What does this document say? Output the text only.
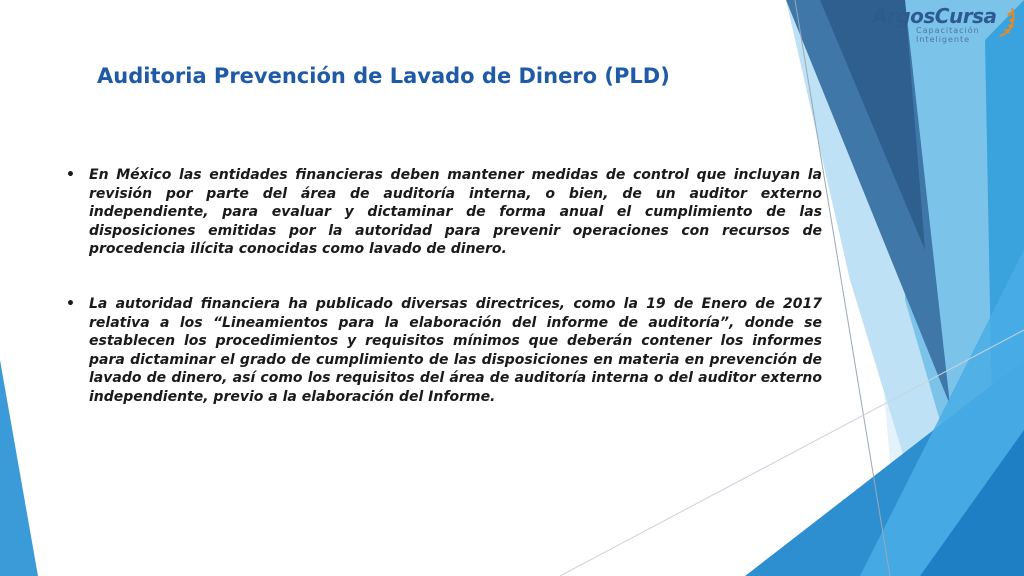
ArgosCursa
Capacitación
Inteligente
Auditoria Prevención de Lavado de Dinero (PLD)
• En México las entidades financieras deben mantener medidas de control que incluyan la revisión por parte del área de auditoría interna, o bien, de un auditor externo independiente, para evaluar y dictaminar de forma anual el cumplimiento de las disposiciones emitidas por la autoridad para prevenir operaciones con recursos de procedencia ilícita conocidas como lavado de dinero.
• La autoridad financiera ha publicado diversas directrices, como la 19 de Enero de 2017 relativa a los “Lineamientos para la elaboración del informe de auditoría”, donde se establecen los procedimientos y requisitos mínimos que deberán contener los informes para dictaminar el grado de cumplimiento de las disposiciones en materia en prevención de lavado de dinero, así como los requisitos del área de auditoría interna o del auditor externo independiente, previo a la elaboración del Informe.
